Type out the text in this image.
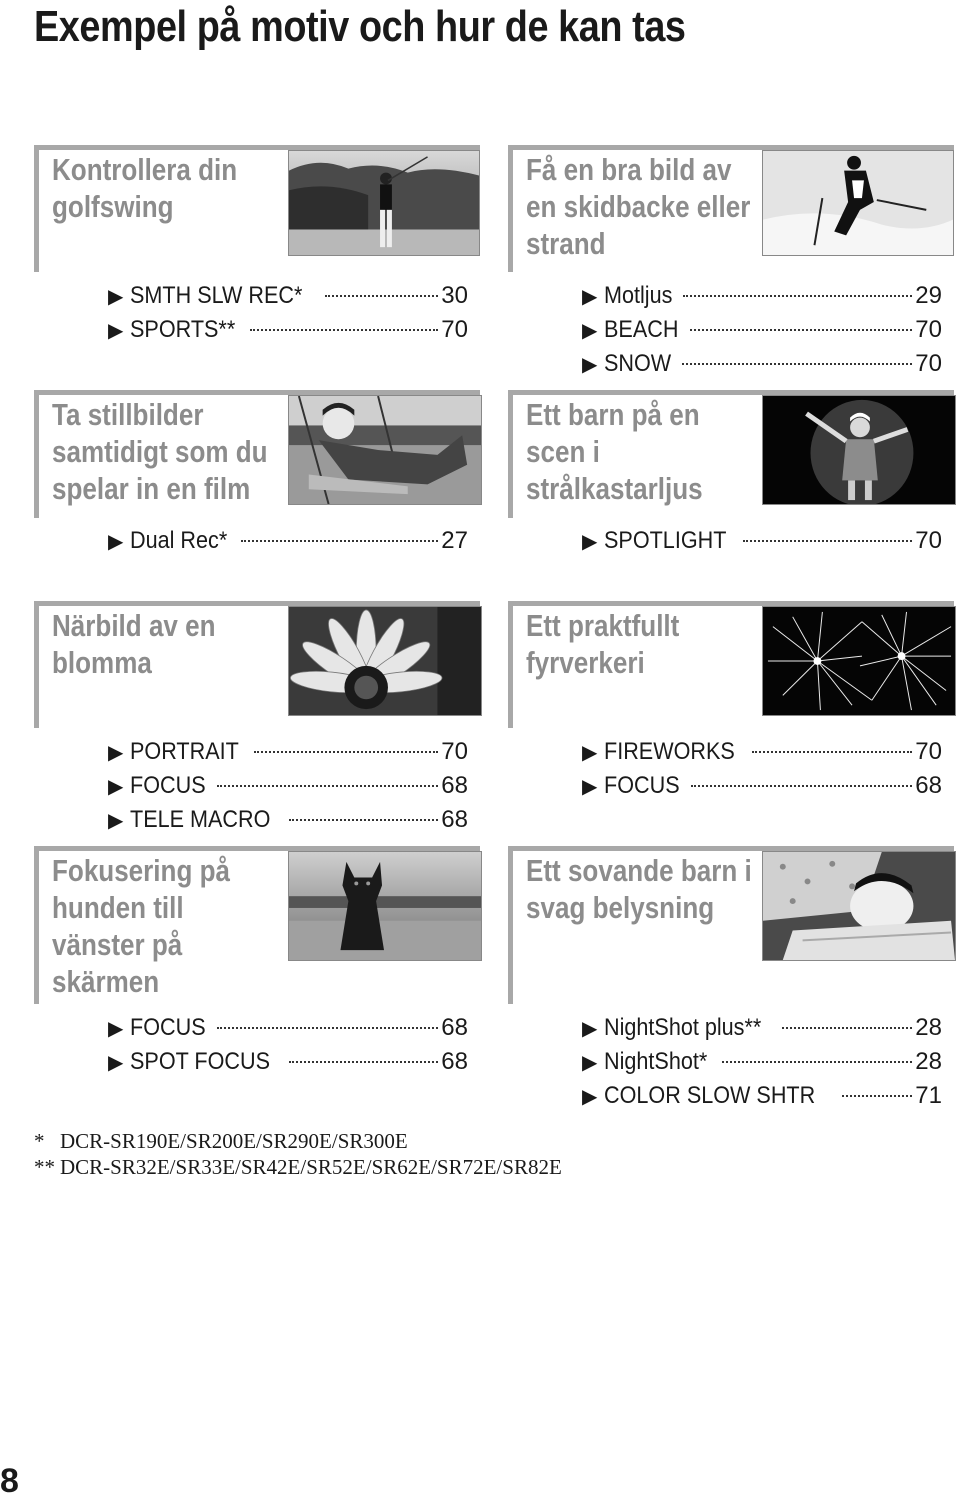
Exempel på motiv och hur de kan tas
Kontrollera din
golfswing
▶ SMTH SLW REC*	30
▶ SPORTS**	70
Få en bra bild av
en skidbacke eller
strand
▶ Motljus	29
▶ BEACH	70
▶ SNOW	70
Ta stillbilder
samtidigt som du
spelar in en film
▶ Dual Rec*	27
Ett barn på en
scen i
strålkastarljus
▶ SPOTLIGHT	70
Närbild av en
blomma
▶ PORTRAIT	70
▶ FOCUS	68
▶ TELE MACRO	68
Ett praktfullt
fyrverkeri
▶ FIREWORKS	70
▶ FOCUS	68
Fokusering på
hunden till
vänster på
skärmen
▶ FOCUS	68
▶ SPOT FOCUS	68
Ett sovande barn i
svag belysning
▶ NightShot plus**	28
▶ NightShot*	28
▶ COLOR SLOW SHTR	71
* DCR-SR190E/SR200E/SR290E/SR300E
** DCR-SR32E/SR33E/SR42E/SR52E/SR62E/SR72E/SR82E
8
